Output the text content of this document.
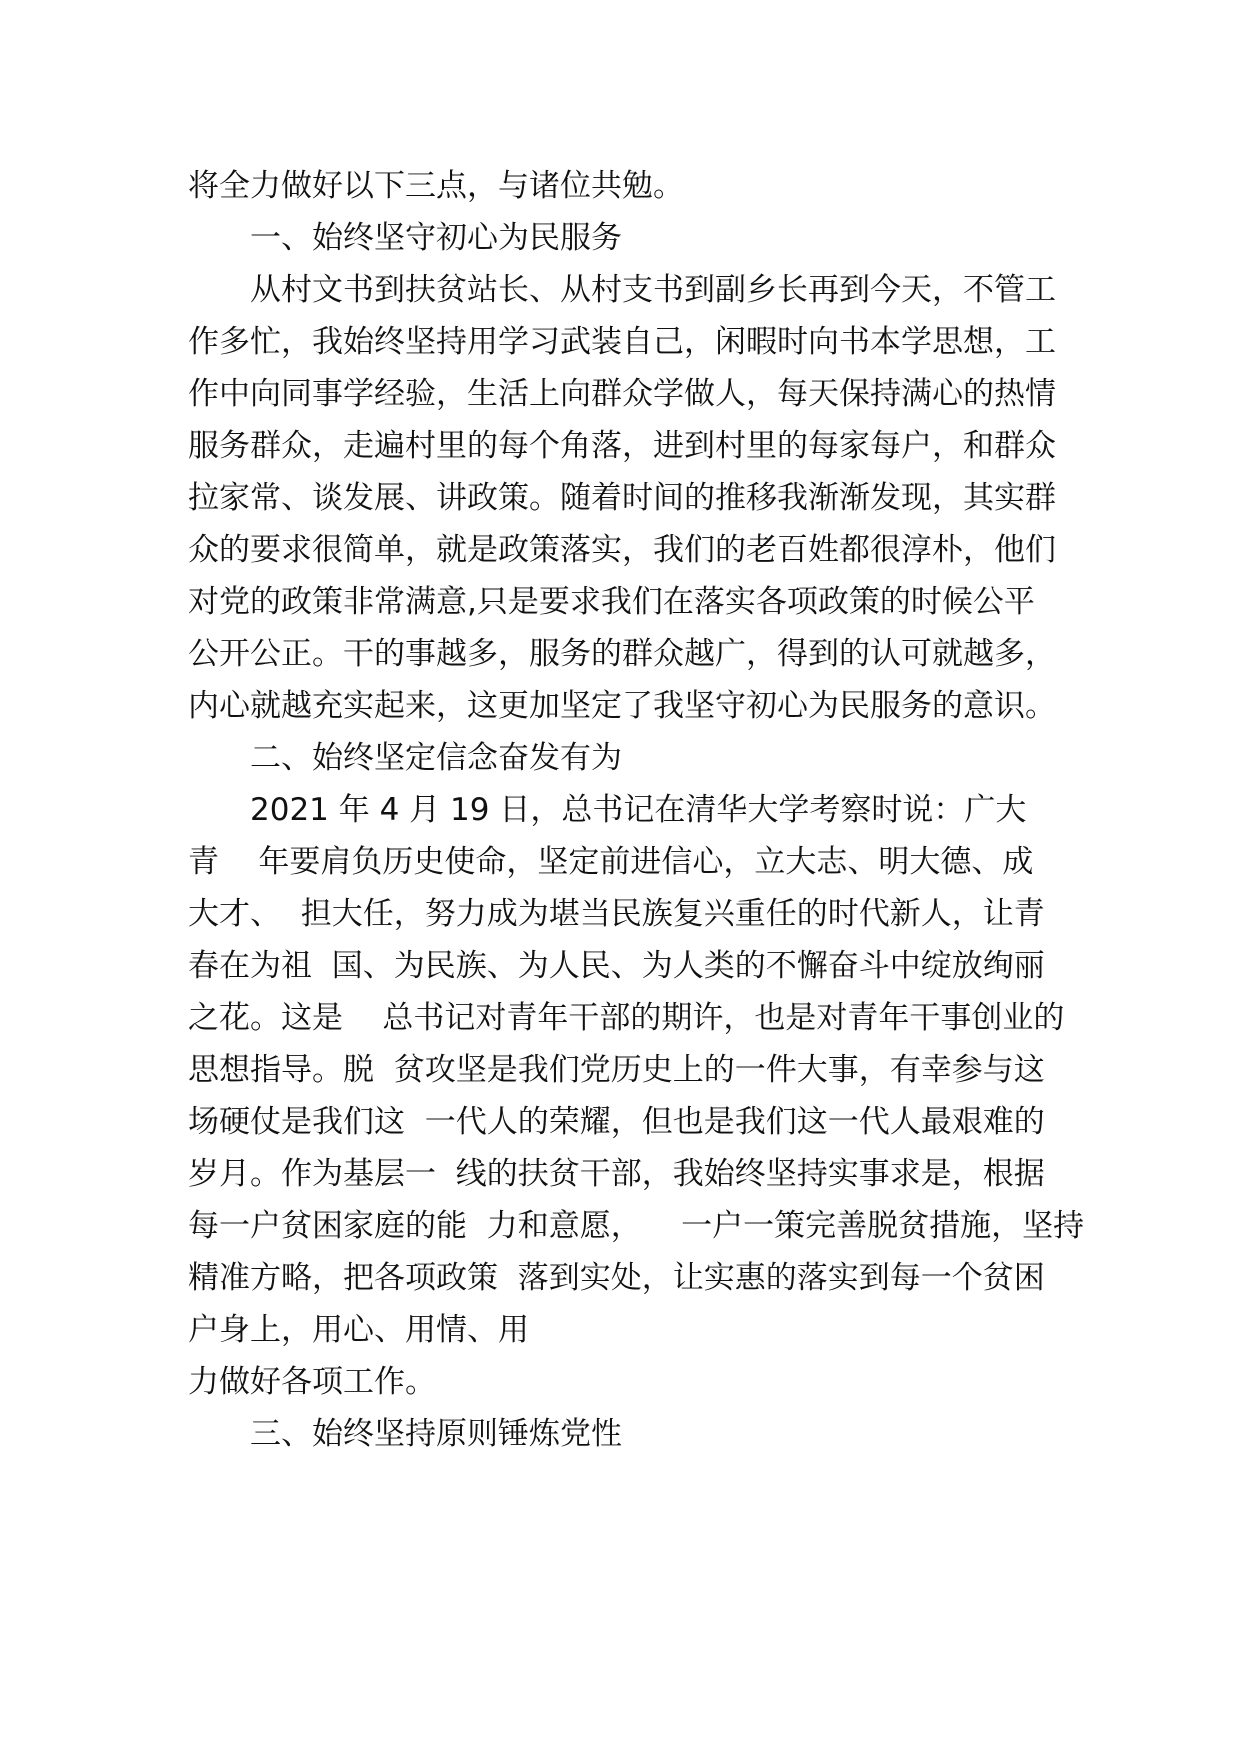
将全力做好以下三点，与诸位共勉。
一、始终坚守初心为民服务
从村文书到扶贫站长、从村支书到副乡长再到今天，不管工
作多忙，我始终坚持用学习武装自己，闲暇时向书本学思想，工
作中向同事学经验，生活上向群众学做人，每天保持满心的热情
服务群众，走遍村里的每个角落，进到村里的每家每户，和群众
拉家常、谈发展、讲政策。随着时间的推移我渐渐发现，其实群
众的要求很简单，就是政策落实，我们的老百姓都很淳朴，他们
对党的政策非常满意,只是要求我们在落实各项政策的时候公平
公开公正。干的事越多，服务的群众越广，得到的认可就越多，
内心就越充实起来，这更加坚定了我坚守初心为民服务的意识。
二、始终坚定信念奋发有为
2021 年 4 月 19 日，总书记在清华大学考察时说：广大
青    年要肩负历史使命，坚定前进信心，立大志、明大德、成
大才、  担大任，努力成为堪当民族复兴重任的时代新人，让青
春在为祖  国、为民族、为人民、为人类的不懈奋斗中绽放绚丽
之花。这是    总书记对青年干部的期许，也是对青年干事创业的
思想指导。脱  贫攻坚是我们党历史上的一件大事，有幸参与这
场硬仗是我们这  一代人的荣耀，但也是我们这一代人最艰难的
岁月。作为基层一  线的扶贫干部，我始终坚持实事求是，根据
每一户贫困家庭的能  力和意愿，    一户一策完善脱贫措施，坚持
精准方略，把各项政策  落到实处，让实惠的落实到每一个贫困
户身上，用心、用情、用
力做好各项工作。
三、始终坚持原则锤炼党性
